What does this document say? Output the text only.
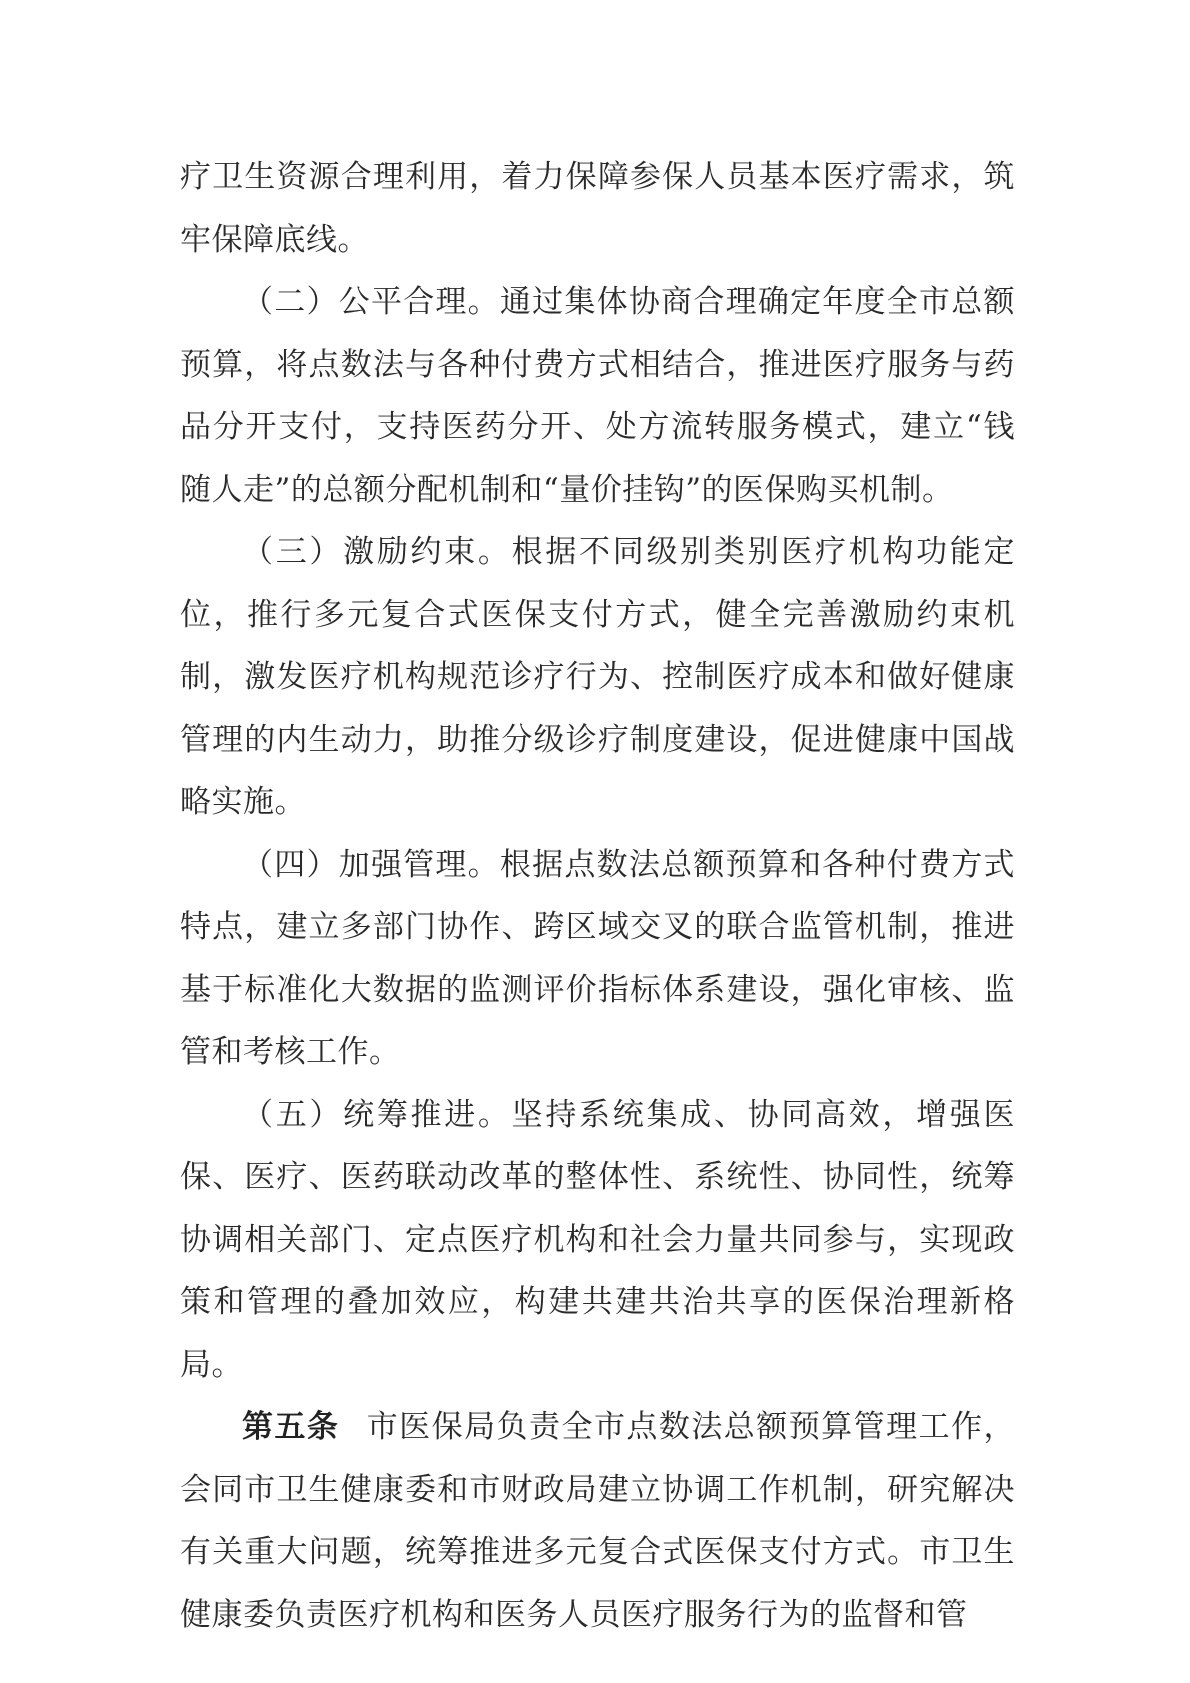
疗卫生资源合理利用，着力保障参保人员基本医疗需求，筑牢保障底线。

（二）公平合理。通过集体协商合理确定年度全市总额预算，将点数法与各种付费方式相结合，推进医疗服务与药品分开支付，支持医药分开、处方流转服务模式，建立“钱随人走”的总额分配机制和“量价挂钩”的医保购买机制。

（三）激励约束。根据不同级别类别医疗机构功能定位，推行多元复合式医保支付方式，健全完善激励约束机制，激发医疗机构规范诊疗行为、控制医疗成本和做好健康管理的内生动力，助推分级诊疗制度建设，促进健康中国战略实施。

（四）加强管理。根据点数法总额预算和各种付费方式特点，建立多部门协作、跨区域交叉的联合监管机制，推进基于标准化大数据的监测评价指标体系建设，强化审核、监管和考核工作。

（五）统筹推进。坚持系统集成、协同高效，增强医保、医疗、医药联动改革的整体性、系统性、协同性，统筹协调相关部门、定点医疗机构和社会力量共同参与，实现政策和管理的叠加效应，构建共建共治共享的医保治理新格局。

第五条 市医保局负责全市点数法总额预算管理工作，会同市卫生健康委和市财政局建立协调工作机制，研究解决有关重大问题，统筹推进多元复合式医保支付方式。市卫生健康委负责医疗机构和医务人员医疗服务行为的监督和管
